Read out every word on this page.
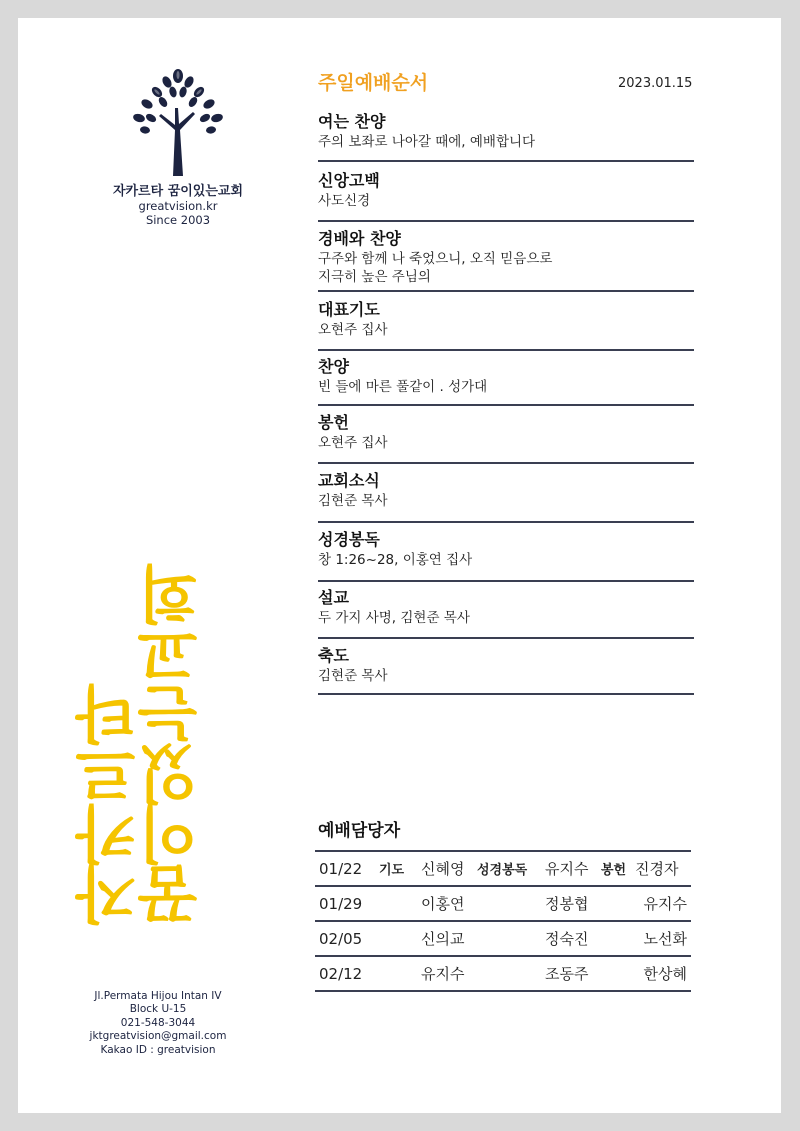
자카르타 꿈이있는교회
greatvision.kr
Since 2003
자카르타
꿈이있는교회
Jl.Permata Hijou Intan IV
Block U-15
021-548-3044
jktgreatvision@gmail.com
Kakao ID : greatvision
주일예배순서	2023.01.15
여는 찬양
주의 보좌로 나아갈 때에, 예배합니다
신앙고백
사도신경
경배와 찬양
구주와 함께 나 죽었으니, 오직 믿음으로
지극히 높은 주님의
대표기도
오현주 집사
찬양
빈 들에 마른 풀같이 . 성가대
봉헌
오현주 집사
교회소식
김현준 목사
성경봉독
창 1:26~28, 이홍연 집사
설교
두 가지 사명, 김현준 목사
축도
김현준 목사
예배담당자
01/22	기도	신혜영	성경봉독	유지수	봉헌	진경자
01/29		이홍연		정봉협		유지수
02/05		신의교		정숙진		노선화
02/12		유지수		조동주		한상혜
